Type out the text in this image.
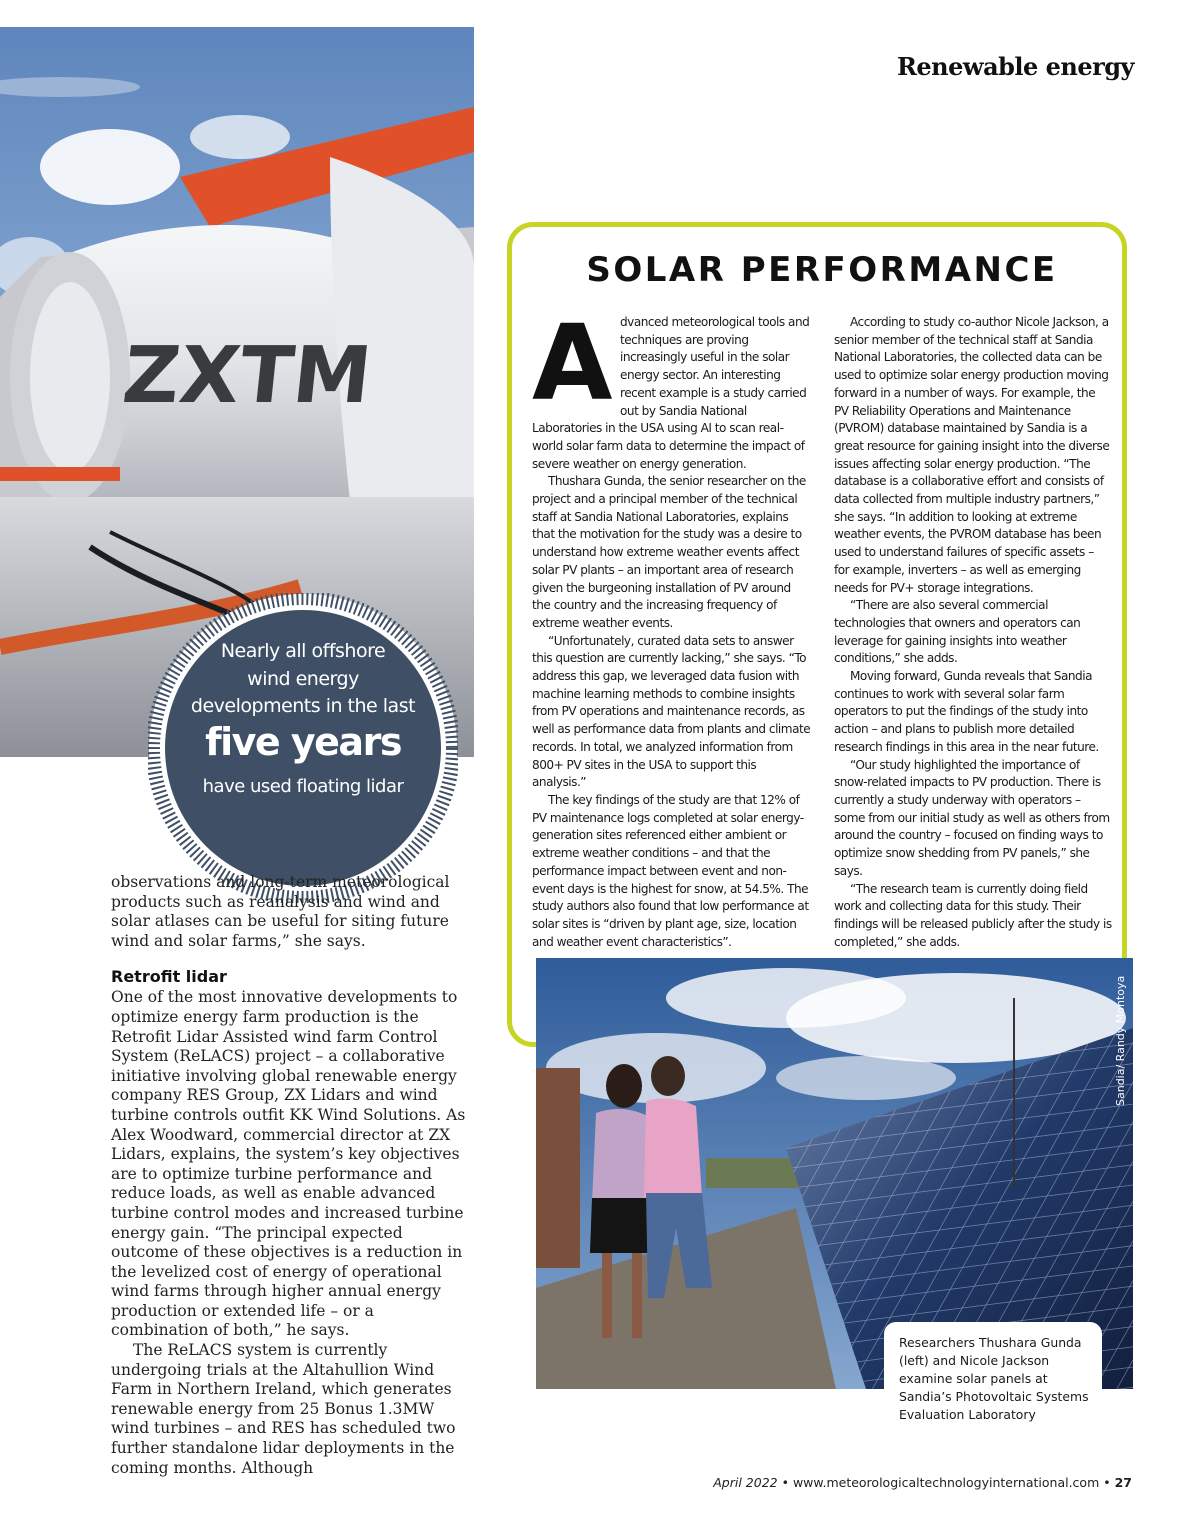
Renewable energy
ZXTM
Nearly all offshore
wind energy
developments in the last
five years
have used floating lidar

observations and long-term meteorological products such as reanalysis and wind and solar atlases can be useful for siting future wind and solar farms,” she says.

Retrofit lidar

One of the most innovative developments to optimize energy farm production is the Retrofit Lidar Assisted wind farm Control System (ReLACS) project – a collaborative initiative involving global renewable energy company RES Group, ZX Lidars and wind turbine controls outfit KK Wind Solutions. As Alex Woodward, commercial director at ZX Lidars, explains, the system’s key objectives are to optimize turbine performance and reduce loads, as well as enable advanced turbine control modes and increased turbine energy gain. “The principal expected outcome of these objectives is a reduction in the levelized cost of energy of operational wind farms through higher annual energy production or extended life – or a combination of both,” he says.

The ReLACS system is currently undergoing trials at the Altahullion Wind Farm in Northern Ireland, which generates renewable energy from 25 Bonus 1.3MW wind turbines – and RES has scheduled two further standalone lidar deployments in the coming months. Although

SOLAR PERFORMANCE

Advanced meteorological tools and techniques are proving increasingly useful in the solar energy sector. An interesting recent example is a study carried out by Sandia National Laboratories in the USA using AI to scan real-world solar farm data to determine the impact of severe weather on energy generation.

Thushara Gunda, the senior researcher on the project and a principal member of the technical staff at Sandia National Laboratories, explains that the motivation for the study was a desire to understand how extreme weather events affect solar PV plants – an important area of research given the burgeoning installation of PV around the country and the increasing frequency of extreme weather events.

“Unfortunately, curated data sets to answer this question are currently lacking,” she says. “To address this gap, we leveraged data fusion with machine learning methods to combine insights from PV operations and maintenance records, as well as performance data from plants and climate records. In total, we analyzed information from 800+ PV sites in the USA to support this analysis.”

The key findings of the study are that 12% of PV maintenance logs completed at solar energy-generation sites referenced either ambient or extreme weather conditions – and that the performance impact between event and non-event days is the highest for snow, at 54.5%. The study authors also found that low performance at solar sites is “driven by plant age, size, location and weather event characteristics”.

According to study co-author Nicole Jackson, a senior member of the technical staff at Sandia National Laboratories, the collected data can be used to optimize solar energy production moving forward in a number of ways. For example, the PV Reliability Operations and Maintenance (PVROM) database maintained by Sandia is a great resource for gaining insight into the diverse issues affecting solar energy production. “The database is a collaborative effort and consists of data collected from multiple industry partners,” she says. “In addition to looking at extreme weather events, the PVROM database has been used to understand failures of specific assets – for example, inverters – as well as emerging needs for PV+ storage integrations.

“There are also several commercial technologies that owners and operators can leverage for gaining insights into weather conditions,” she adds.

Moving forward, Gunda reveals that Sandia continues to work with several solar farm operators to put the findings of the study into action – and plans to publish more detailed research findings in this area in the near future.

“Our study highlighted the importance of snow-related impacts to PV production. There is currently a study underway with operators – some from our initial study as well as others from around the country – focused on finding ways to optimize snow shedding from PV panels,” she says.

“The research team is currently doing field work and collecting data for this study. Their findings will be released publicly after the study is completed,” she adds.

Sandia/ Randy Montoya
Researchers Thushara Gunda (left) and Nicole Jackson examine solar panels at Sandia’s Photovoltaic Systems Evaluation Laboratory
April 2022 • www.meteorologicaltechnologyinternational.com • 27
